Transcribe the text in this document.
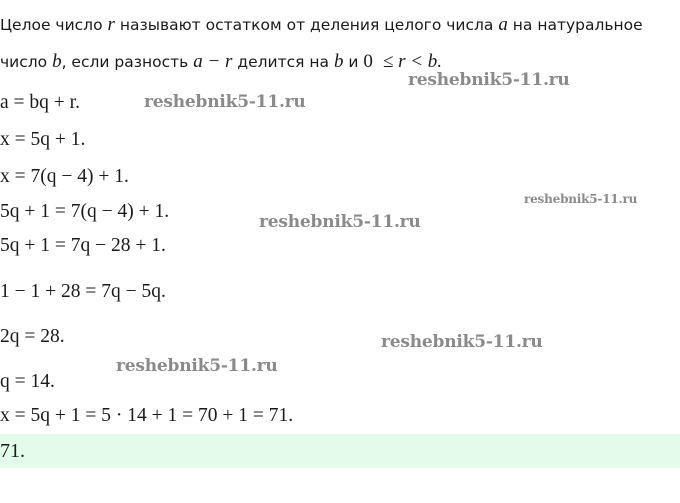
Целое число r называют остатком от деления целого числа a на натуральное
число b, если разность a − r делится на b и 0 ≤ r < b.
a = bq + r.
x = 5q + 1.
x = 7(q − 4) + 1.
5q + 1 = 7(q − 4) + 1.
5q + 1 = 7q − 28 + 1.
1 − 1 + 28 = 7q − 5q.
2q = 28.
q = 14.
x = 5q + 1 = 5 · 14 + 1 = 70 + 1 = 71.
71.
reshebnik5-11.ru
reshebnik5-11.ru
reshebnik5-11.ru
reshebnik5-11.ru
reshebnik5-11.ru
reshebnik5-11.ru
